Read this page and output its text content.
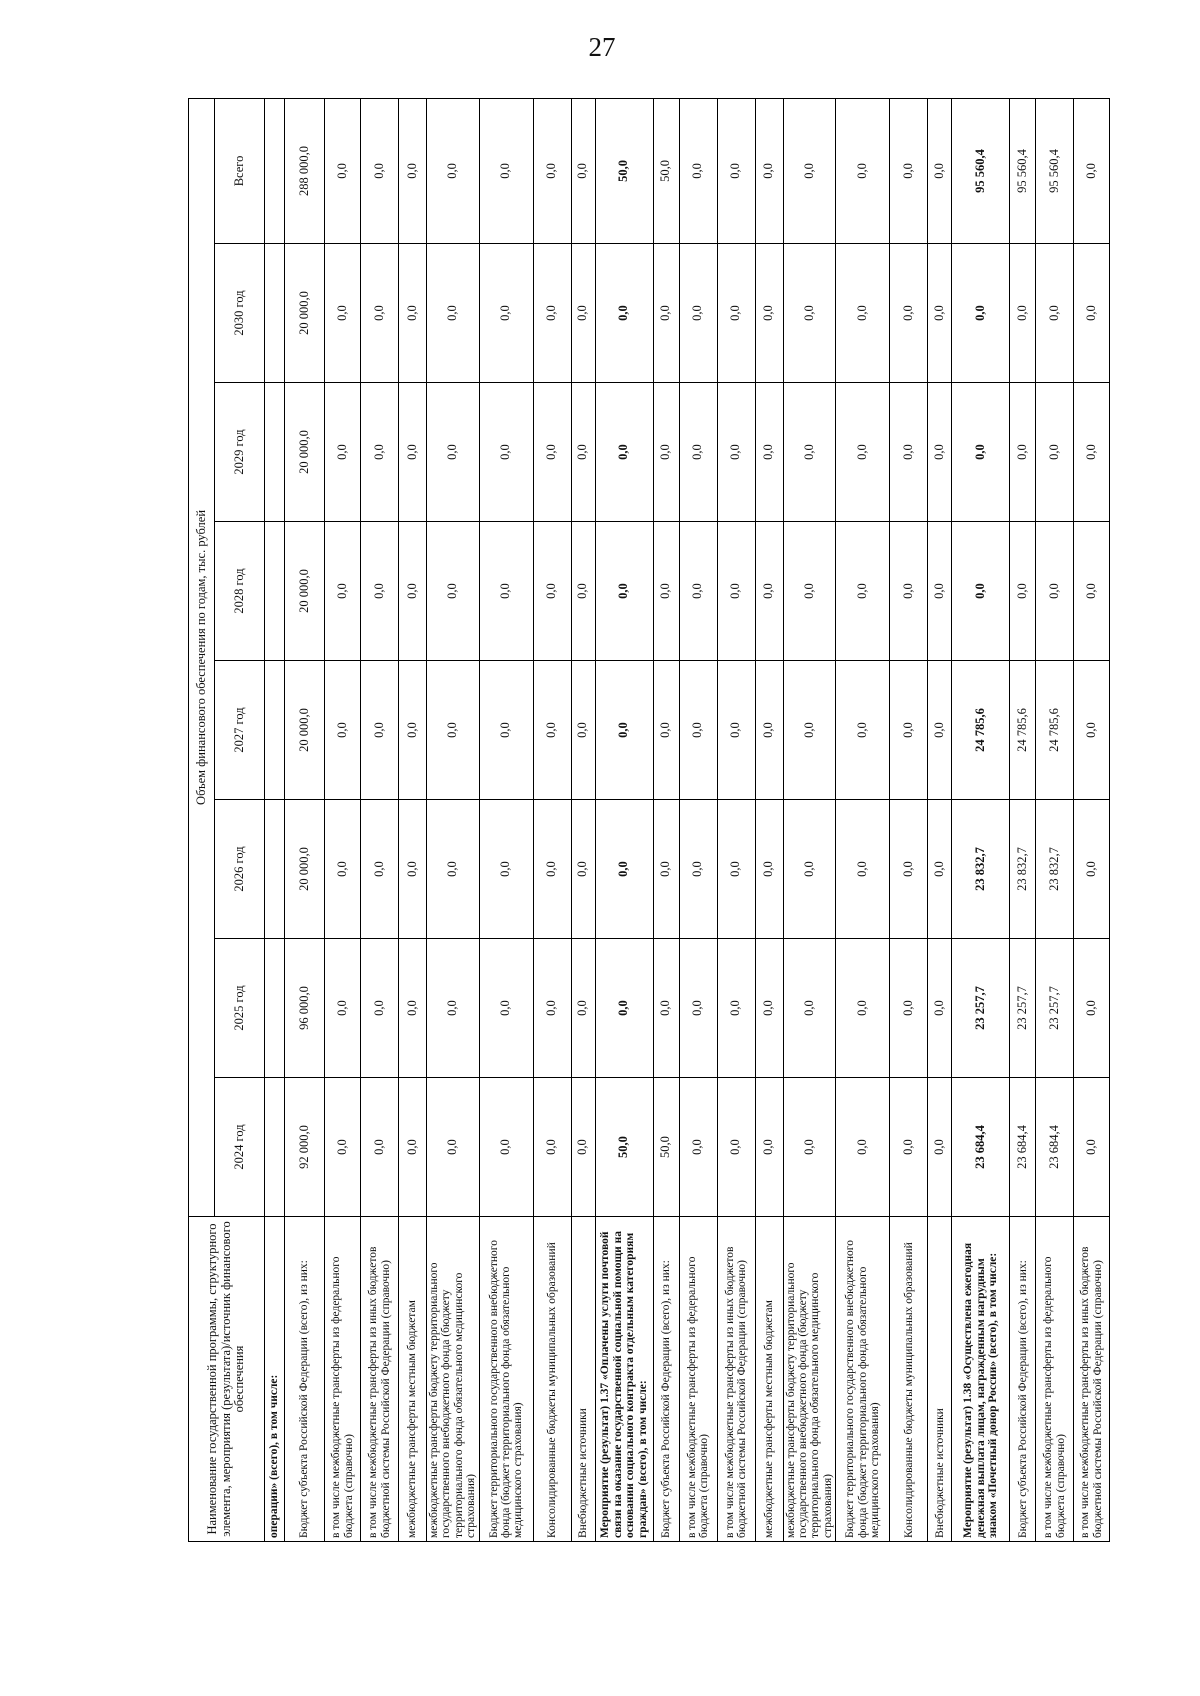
27
Наименование государственной программы, структурного элемента, мероприятия (результата)/источник финансового обеспечения	Объем финансового обеспечения по годам, тыс. рублей							
	2024 год	2025 год	2026 год	2027 год	2028 год	2029 год	2030 год	Всего
операции» (всего), в том числе:								
Бюджет субъекта Российской Федерации (всего), из них:	92 000,0	96 000,0	20 000,0	20 000,0	20 000,0	20 000,0	20 000,0	288 000,0
в том числе межбюджетные трансферты из федерального бюджета (справочно)	0,0	0,0	0,0	0,0	0,0	0,0	0,0	0,0
в том числе межбюджетные трансферты из иных бюджетов бюджетной системы Российской Федерации (справочно)	0,0	0,0	0,0	0,0	0,0	0,0	0,0	0,0
межбюджетные трансферты местным бюджетам	0,0	0,0	0,0	0,0	0,0	0,0	0,0	0,0
межбюджетные трансферты бюджету территориального государственного внебюджетного фонда (бюджету территориального фонда обязательного медицинского страхования)	0,0	0,0	0,0	0,0	0,0	0,0	0,0	0,0
Бюджет территориального государственного внебюджетного фонда (бюджет территориального фонда обязательного медицинского страхования)	0,0	0,0	0,0	0,0	0,0	0,0	0,0	0,0
Консолидированные бюджеты муниципальных образований	0,0	0,0	0,0	0,0	0,0	0,0	0,0	0,0
Внебюджетные источники	0,0	0,0	0,0	0,0	0,0	0,0	0,0	0,0
Мероприятие (результат) 1.37 «Оплачены услуги почтовой связи на оказание государственной социальной помощи на основании социального контракта отдельным категориям граждан» (всего), в том числе:	50,0	0,0	0,0	0,0	0,0	0,0	0,0	50,0
Бюджет субъекта Российской Федерации (всего), из них:	50,0	0,0	0,0	0,0	0,0	0,0	0,0	50,0
в том числе межбюджетные трансферты из федерального бюджета (справочно)	0,0	0,0	0,0	0,0	0,0	0,0	0,0	0,0
в том числе межбюджетные трансферты из иных бюджетов бюджетной системы Российской Федерации (справочно)	0,0	0,0	0,0	0,0	0,0	0,0	0,0	0,0
межбюджетные трансферты местным бюджетам	0,0	0,0	0,0	0,0	0,0	0,0	0,0	0,0
межбюджетные трансферты бюджету территориального государственного внебюджетного фонда (бюджету территориального фонда обязательного медицинского страхования)	0,0	0,0	0,0	0,0	0,0	0,0	0,0	0,0
Бюджет территориального государственного внебюджетного фонда (бюджет территориального фонда обязательного медицинского страхования)	0,0	0,0	0,0	0,0	0,0	0,0	0,0	0,0
Консолидированные бюджеты муниципальных образований	0,0	0,0	0,0	0,0	0,0	0,0	0,0	0,0
Внебюджетные источники	0,0	0,0	0,0	0,0	0,0	0,0	0,0	0,0
Мероприятие (результат) 1.38 «Осуществлена ежегодная денежная выплата лицам, награжденным нагрудным знаком «Почетный донор России» (всего), в том числе:	23 684,4	23 257,7	23 832,7	24 785,6	0,0	0,0	0,0	95 560,4
Бюджет субъекта Российской Федерации (всего), из них:	23 684,4	23 257,7	23 832,7	24 785,6	0,0	0,0	0,0	95 560,4
в том числе межбюджетные трансферты из федерального бюджета (справочно)	23 684,4	23 257,7	23 832,7	24 785,6	0,0	0,0	0,0	95 560,4
в том числе межбюджетные трансферты из иных бюджетов бюджетной системы Российской Федерации (справочно)	0,0	0,0	0,0	0,0	0,0	0,0	0,0	0,0
